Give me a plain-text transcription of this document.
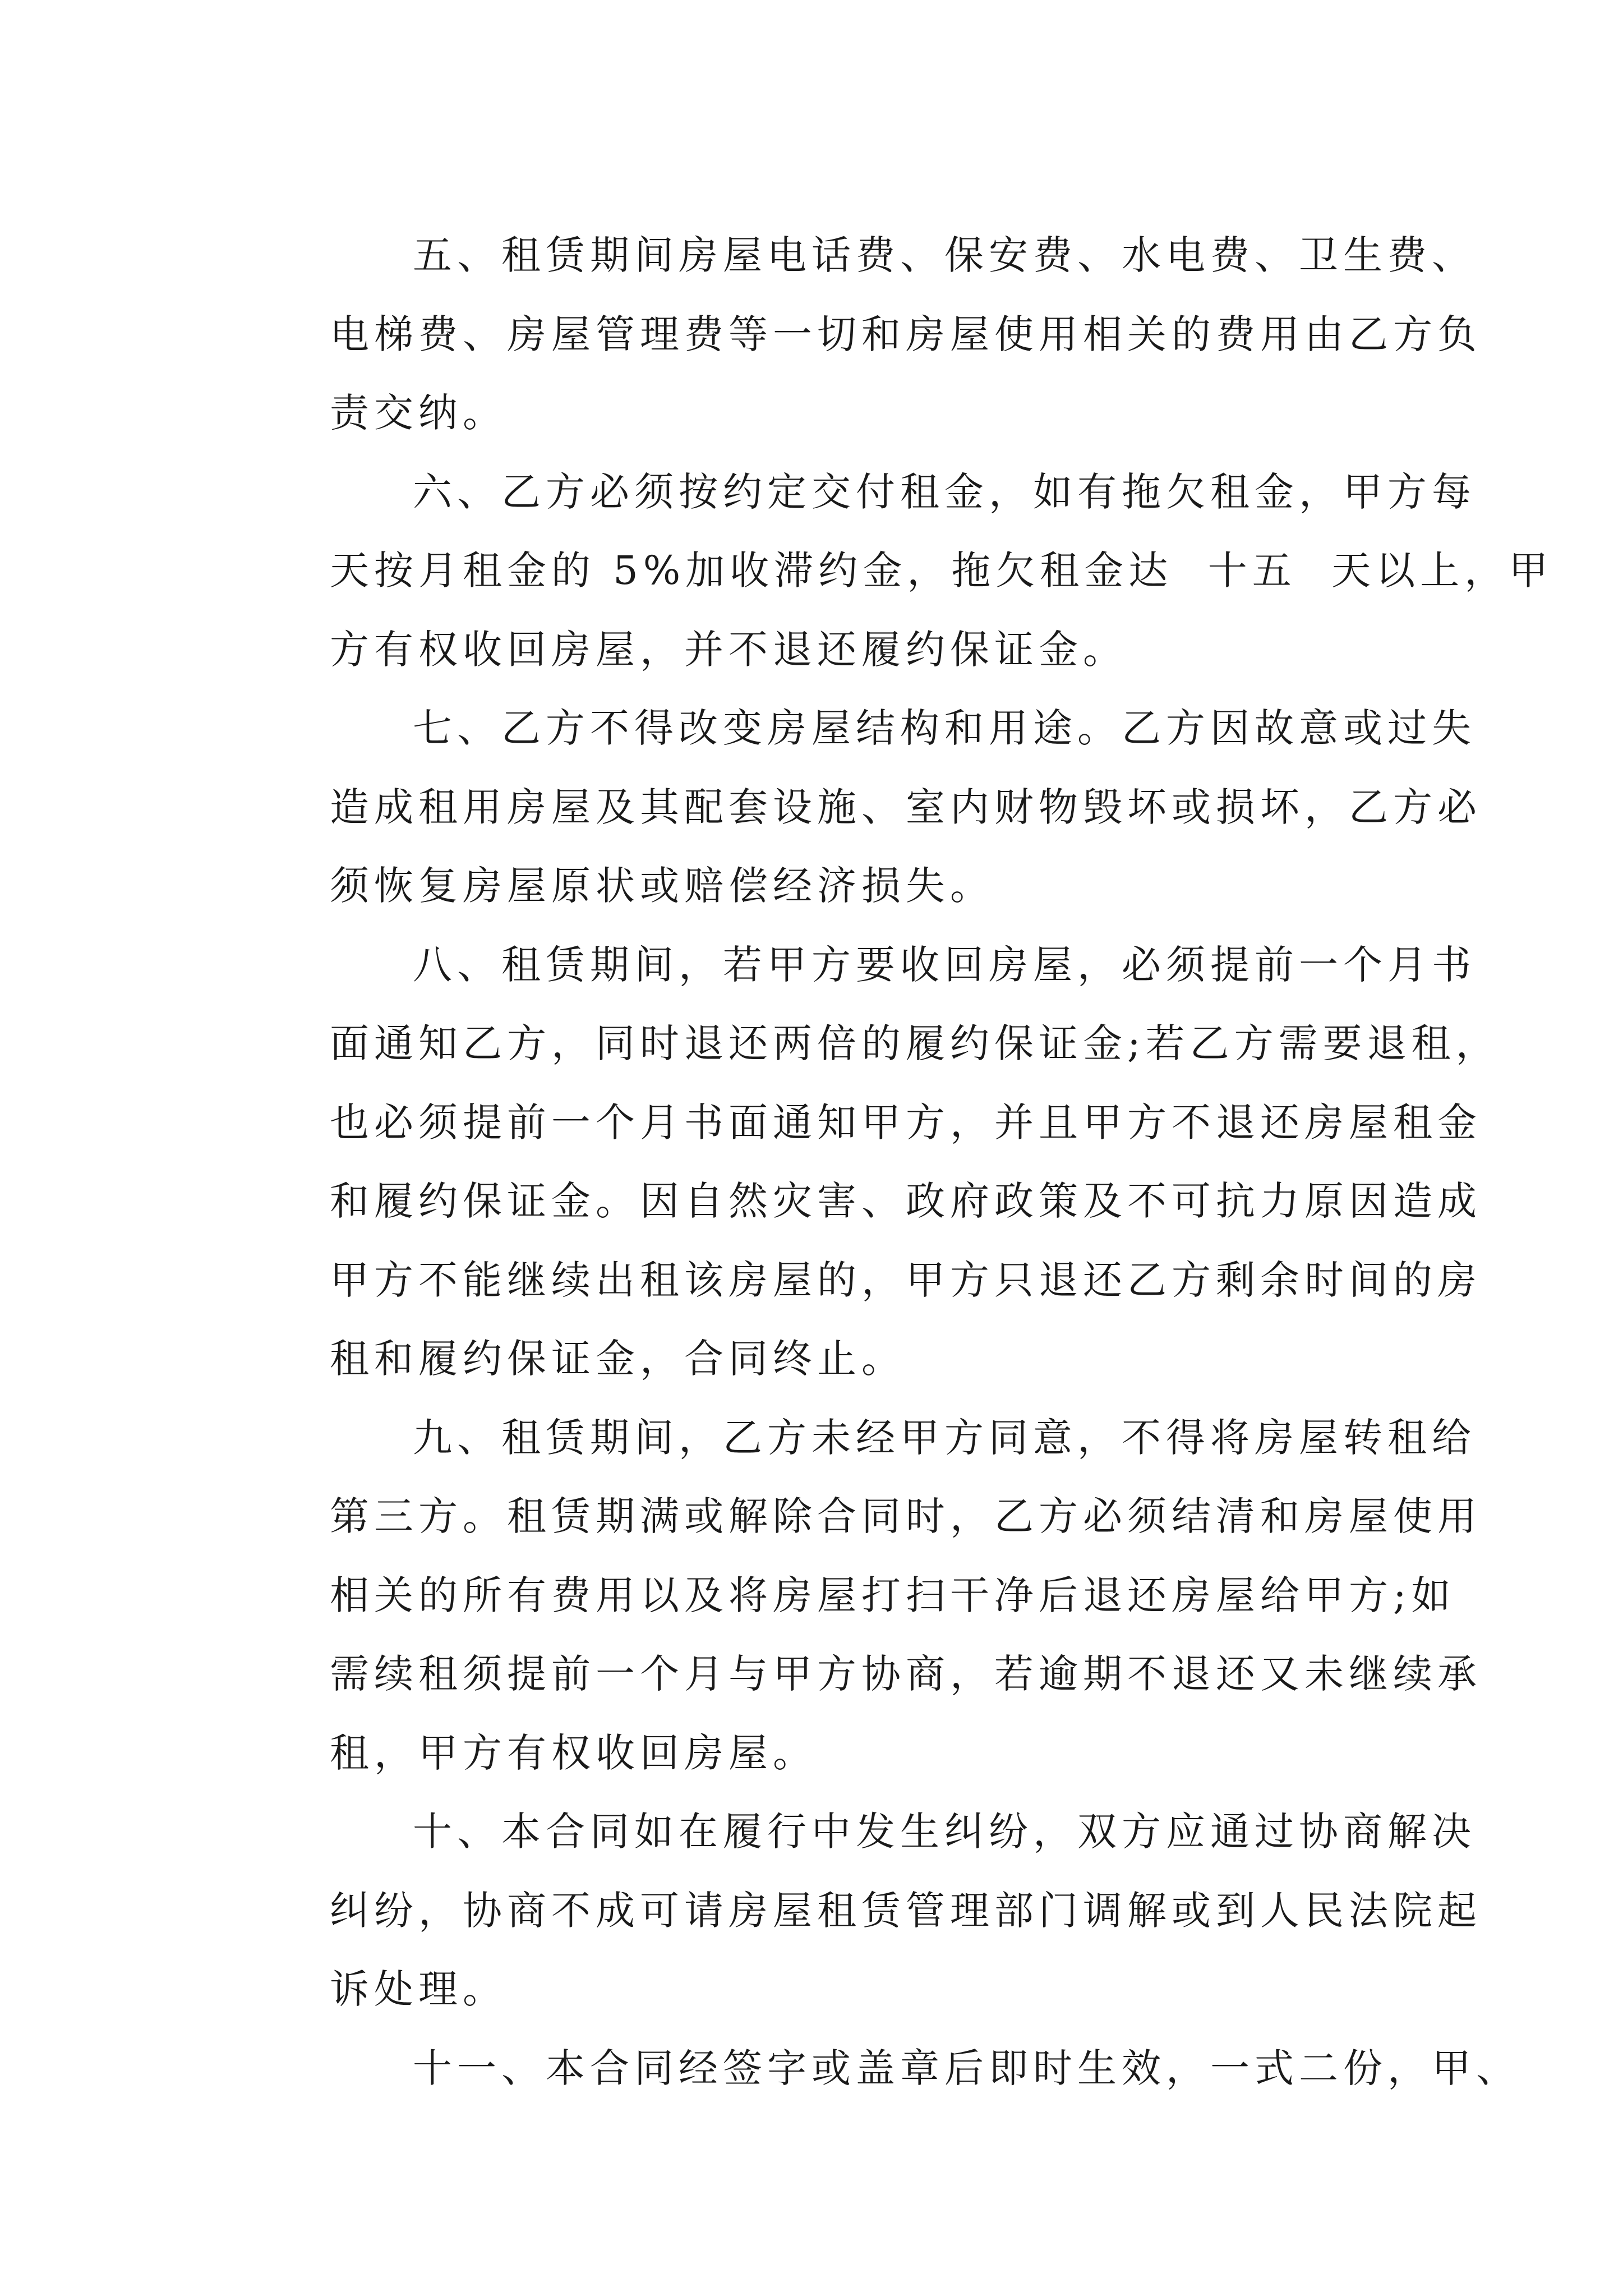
五、租赁期间房屋电话费、保安费、水电费、卫生费、
电梯费、房屋管理费等一切和房屋使用相关的费用由乙方负
责交纳。
六、乙方必须按约定交付租金，如有拖欠租金，甲方每
天按月租金的 5%加收滞约金，拖欠租金达  十五  天以上，甲
方有权收回房屋，并不退还履约保证金。
七、乙方不得改变房屋结构和用途。乙方因故意或过失
造成租用房屋及其配套设施、室内财物毁坏或损坏，乙方必
须恢复房屋原状或赔偿经济损失。
八、租赁期间，若甲方要收回房屋，必须提前一个月书
面通知乙方，同时退还两倍的履约保证金;若乙方需要退租，
也必须提前一个月书面通知甲方，并且甲方不退还房屋租金
和履约保证金。因自然灾害、政府政策及不可抗力原因造成
甲方不能继续出租该房屋的，甲方只退还乙方剩余时间的房
租和履约保证金，合同终止。
九、租赁期间，乙方未经甲方同意，不得将房屋转租给
第三方。租赁期满或解除合同时，乙方必须结清和房屋使用
相关的所有费用以及将房屋打扫干净后退还房屋给甲方;如
需续租须提前一个月与甲方协商，若逾期不退还又未继续承
租，甲方有权收回房屋。
十、本合同如在履行中发生纠纷，双方应通过协商解决
纠纷，协商不成可请房屋租赁管理部门调解或到人民法院起
诉处理。
十一、本合同经签字或盖章后即时生效，一式二份，甲、
